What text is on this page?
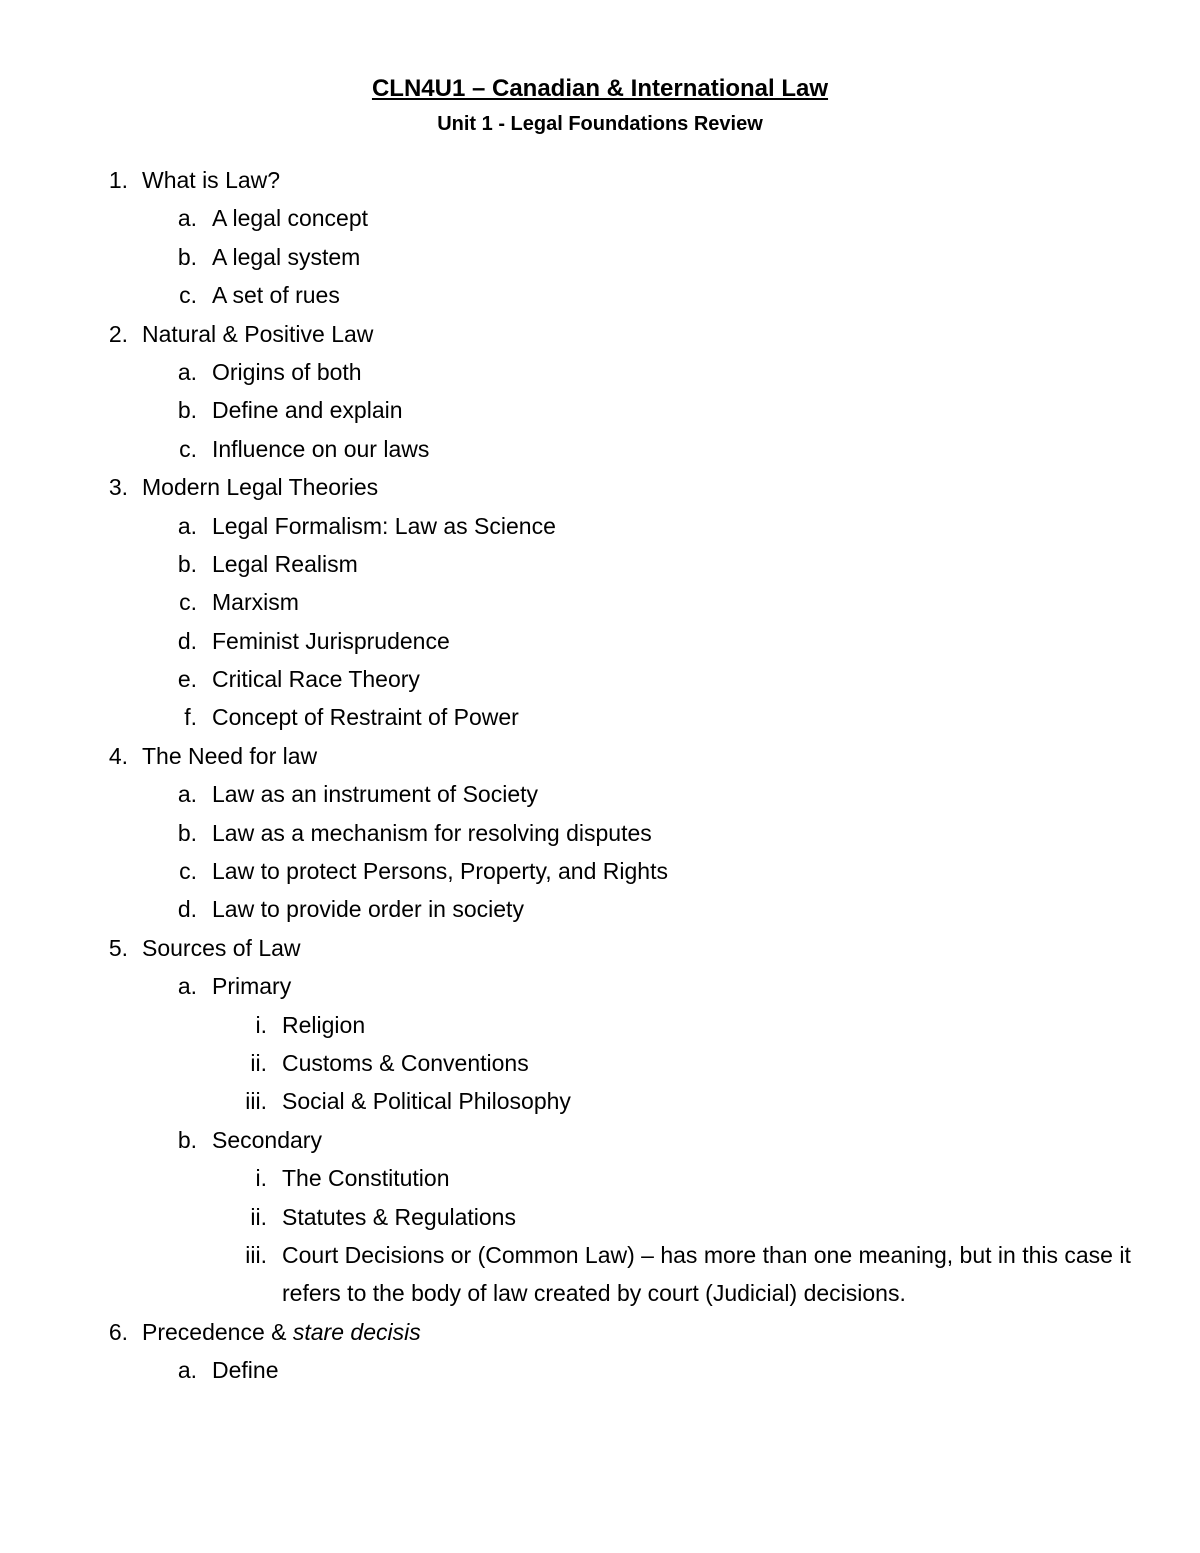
CLN4U1 – Canadian & International Law
Unit 1 - Legal Foundations Review
1. What is Law?
a. A legal concept
b. A legal system
c. A set of rues
2. Natural & Positive Law
a. Origins of both
b. Define and explain
c. Influence on our laws
3. Modern Legal Theories
a. Legal Formalism: Law as Science
b. Legal Realism
c. Marxism
d. Feminist Jurisprudence
e. Critical Race Theory
f. Concept of Restraint of Power
4. The Need for law
a. Law as an instrument of Society
b. Law as a mechanism for resolving disputes
c. Law to protect Persons, Property, and Rights
d. Law to provide order in society
5. Sources of Law
a. Primary
i. Religion
ii. Customs & Conventions
iii. Social & Political Philosophy
b. Secondary
i. The Constitution
ii. Statutes & Regulations
iii. Court Decisions or (Common Law) – has more than one meaning, but in this case it refers to the body of law created by court (Judicial) decisions.
6. Precedence & stare decisis
a. Define
